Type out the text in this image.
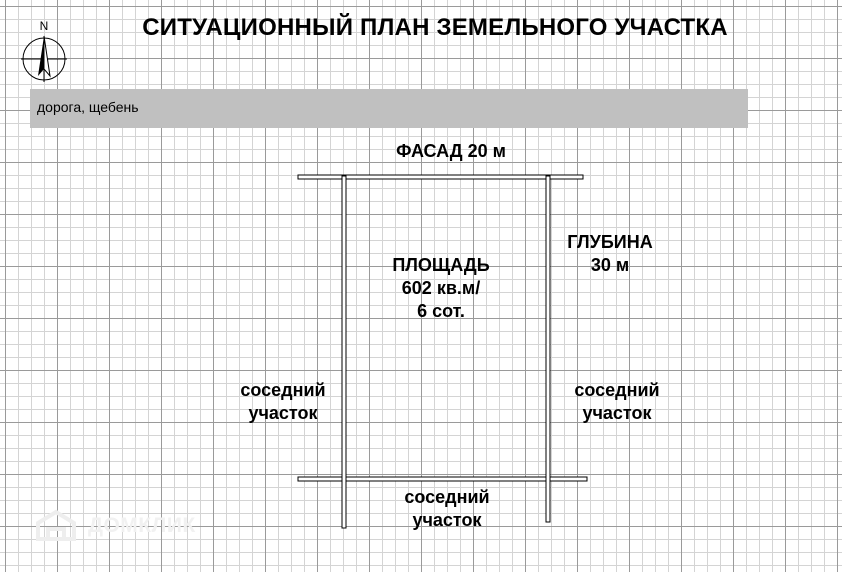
СИТУАЦИОННЫЙ ПЛАН ЗЕМЕЛЬНОГО УЧАСТКА
N
дорога, щебень
ФАСАД 20 м
ГЛУБИНА
30 м
ПЛОЩАДЬ
602 кв.м/
6 сот.
соседний
участок
соседний
участок
соседний
участок
ДОМКЛИК
